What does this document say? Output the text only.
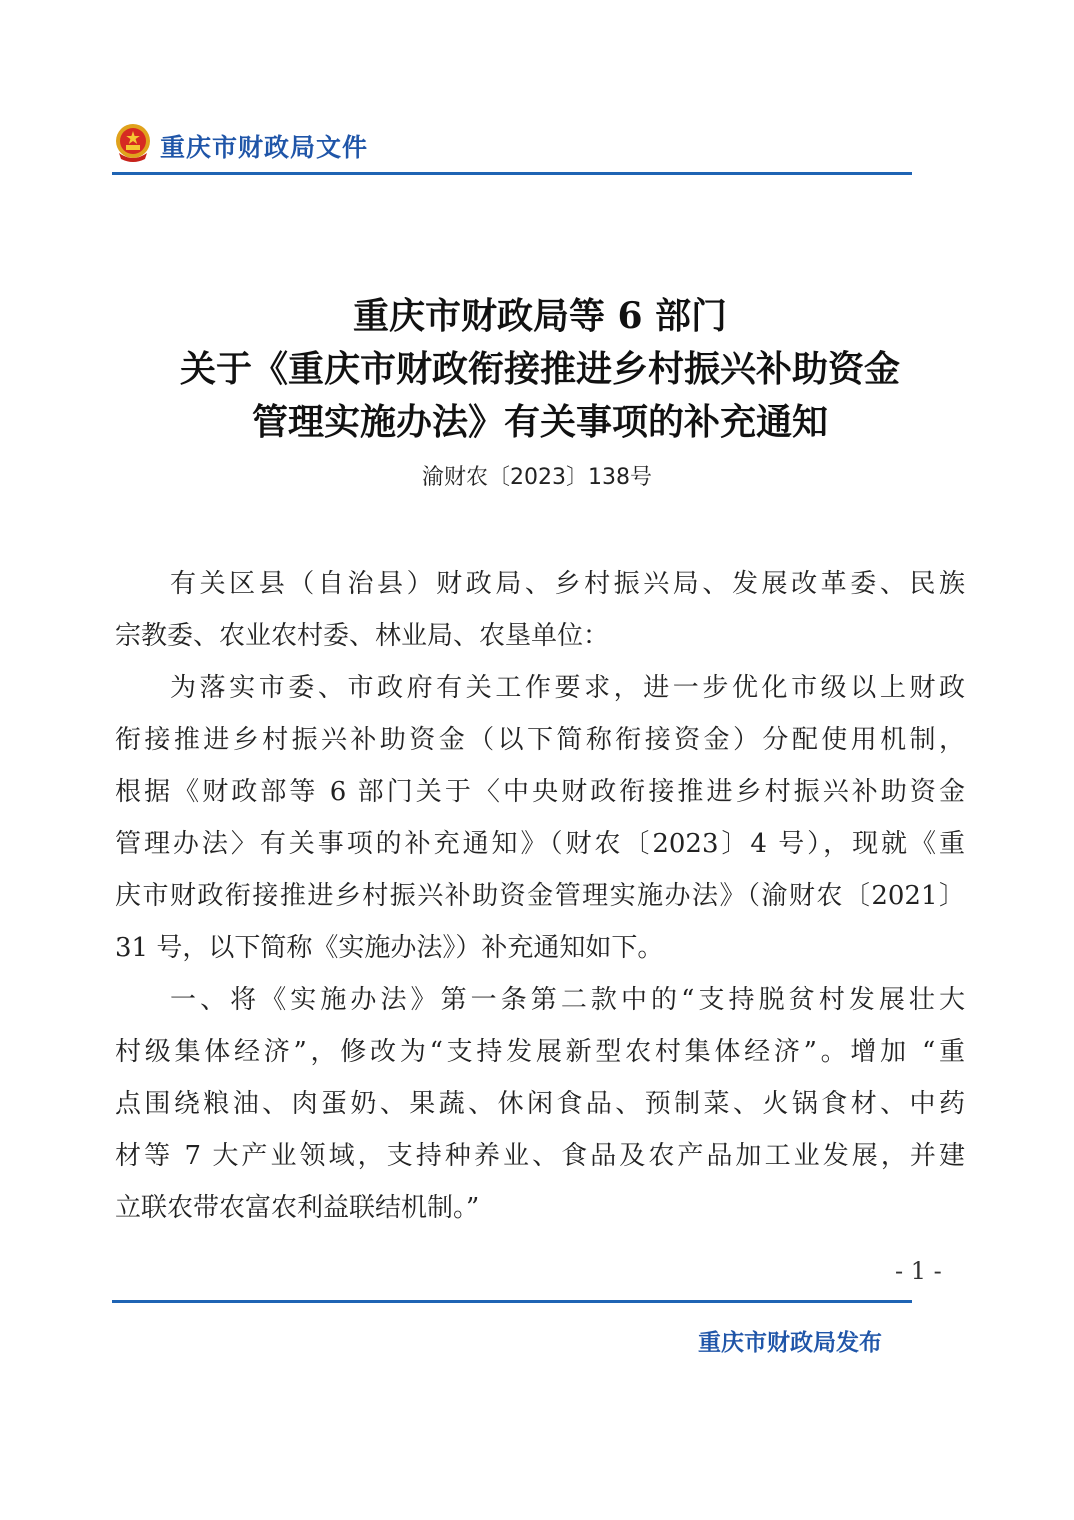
重庆市财政局文件
重庆市财政局等 6 部门
关于《重庆市财政衔接推进乡村振兴补助资金
管理实施办法》有关事项的补充通知
渝财农〔2023〕138号
有关区县（自治县）财政局、乡村振兴局、发展改革委、民族
宗教委、农业农村委、林业局、农垦单位：
为落实市委、市政府有关工作要求，进一步优化市级以上财政
衔接推进乡村振兴补助资金（以下简称衔接资金）分配使用机制，
根据《财政部等 6 部门关于〈中央财政衔接推进乡村振兴补助资金
管理办法〉有关事项的补充通知》（财农〔2023〕4 号），现就《重
庆市财政衔接推进乡村振兴补助资金管理实施办法》（渝财农〔2021〕
31 号，以下简称《实施办法》）补充通知如下。
一、将《实施办法》第一条第二款中的“支持脱贫村发展壮大
村级集体经济”，修改为“支持发展新型农村集体经济”。增加 “重
点围绕粮油、肉蛋奶、果蔬、休闲食品、预制菜、火锅食材、中药
材等 7 大产业领域，支持种养业、食品及农产品加工业发展，并建
立联农带农富农利益联结机制。”
- 1 -
重庆市财政局发布
